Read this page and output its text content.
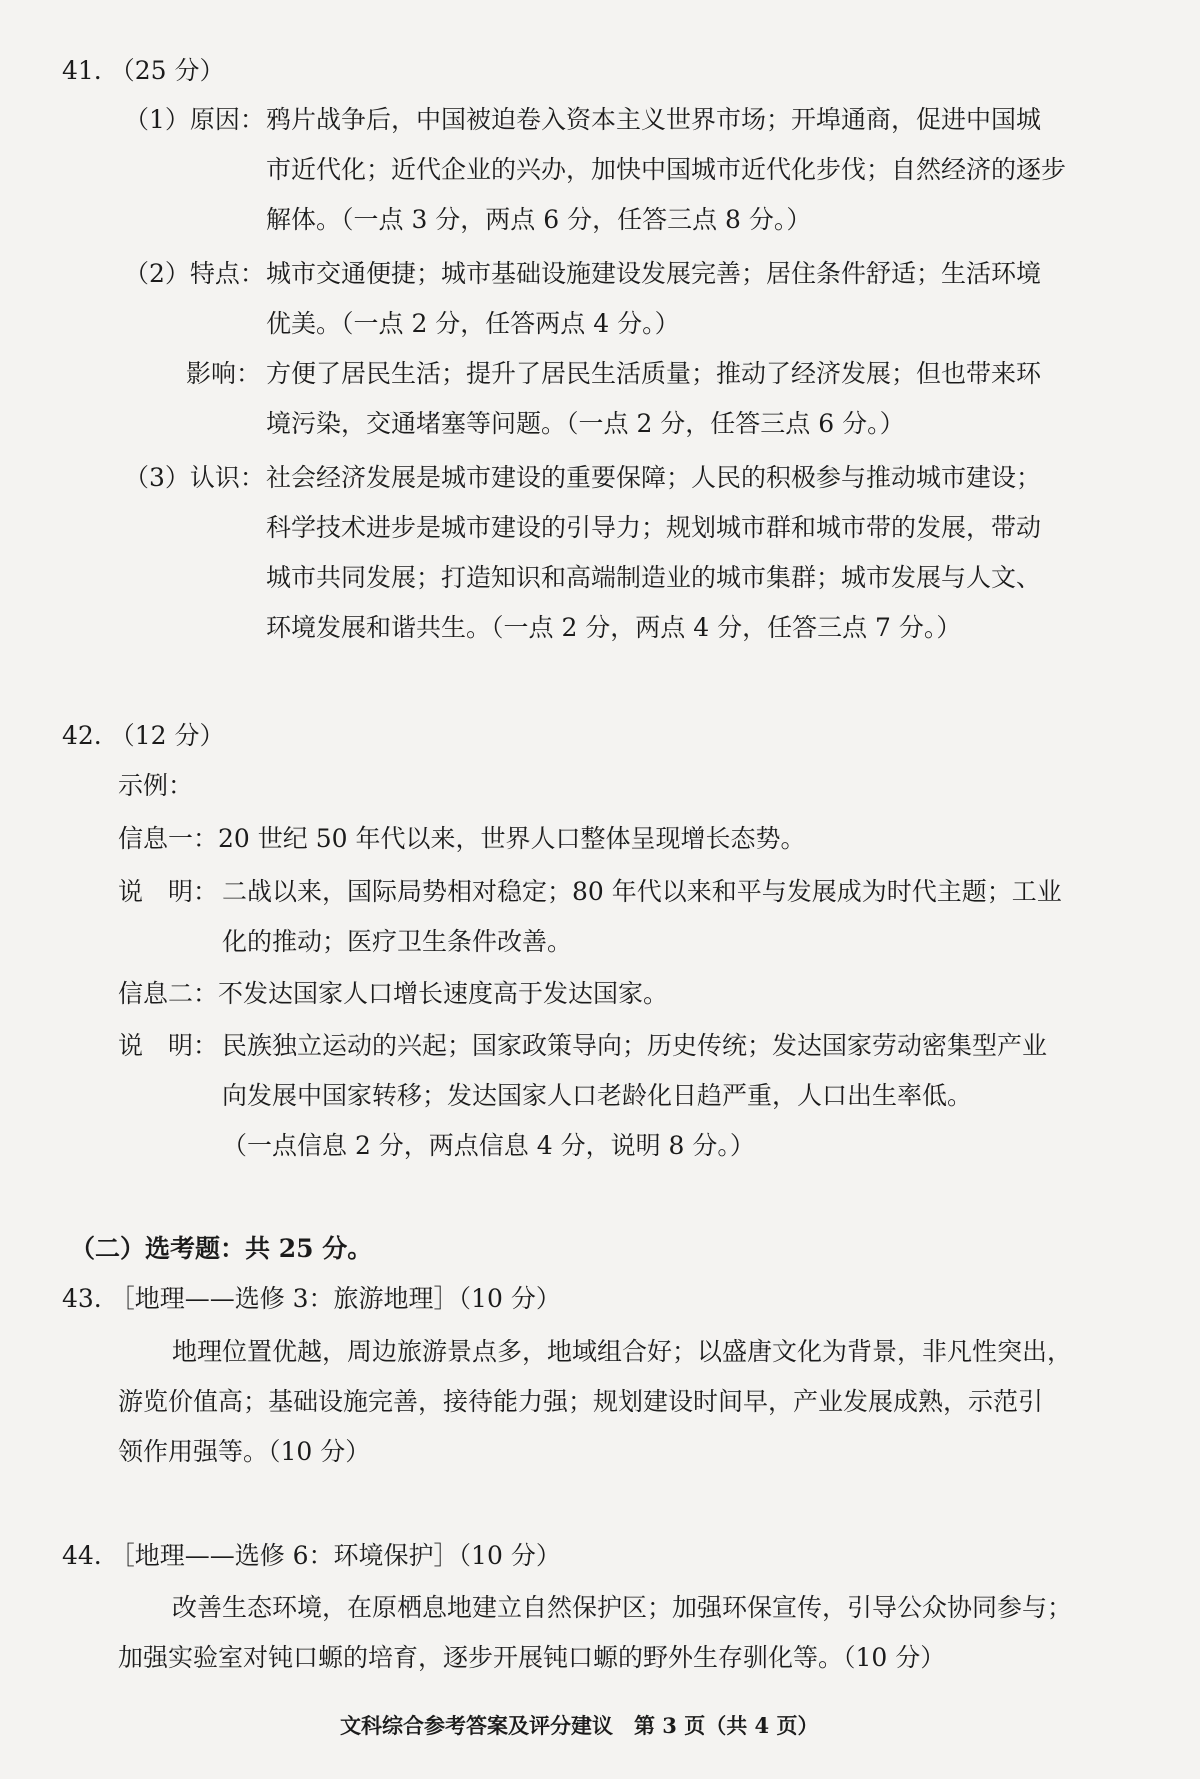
41. （25 分）
（1）原因： 鸦片战争后，中国被迫卷入资本主义世界市场；开埠通商，促进中国城
市近代化；近代企业的兴办，加快中国城市近代化步伐；自然经济的逐步
解体。（一点 3 分，两点 6 分，任答三点 8 分。）
（2）特点： 城市交通便捷；城市基础设施建设发展完善；居住条件舒适；生活环境
优美。（一点 2 分，任答两点 4 分。）
影响： 方便了居民生活；提升了居民生活质量；推动了经济发展；但也带来环
境污染，交通堵塞等问题。（一点 2 分，任答三点 6 分。）
（3）认识： 社会经济发展是城市建设的重要保障；人民的积极参与推动城市建设；
科学技术进步是城市建设的引导力；规划城市群和城市带的发展，带动
城市共同发展；打造知识和高端制造业的城市集群；城市发展与人文、
环境发展和谐共生。（一点 2 分，两点 4 分，任答三点 7 分。）
42. （12 分）
示例：
信息一：20 世纪 50 年代以来，世界人口整体呈现增长态势。
说　明： 二战以来，国际局势相对稳定；80 年代以来和平与发展成为时代主题；工业
化的推动；医疗卫生条件改善。
信息二：不发达国家人口增长速度高于发达国家。
说　明： 民族独立运动的兴起；国家政策导向；历史传统；发达国家劳动密集型产业
向发展中国家转移；发达国家人口老龄化日趋严重，人口出生率低。
（一点信息 2 分，两点信息 4 分，说明 8 分。）
（二）选考题：共 25 分。
43. ［地理——选修 3：旅游地理］（10 分）
地理位置优越，周边旅游景点多，地域组合好；以盛唐文化为背景，非凡性突出，
游览价值高；基础设施完善，接待能力强；规划建设时间早，产业发展成熟，示范引
领作用强等。（10 分）
44. ［地理——选修 6：环境保护］（10 分）
改善生态环境，在原栖息地建立自然保护区；加强环保宣传，引导公众协同参与；
加强实验室对钝口螈的培育，逐步开展钝口螈的野外生存驯化等。（10 分）
文科综合参考答案及评分建议　第 3 页（共 4 页）
